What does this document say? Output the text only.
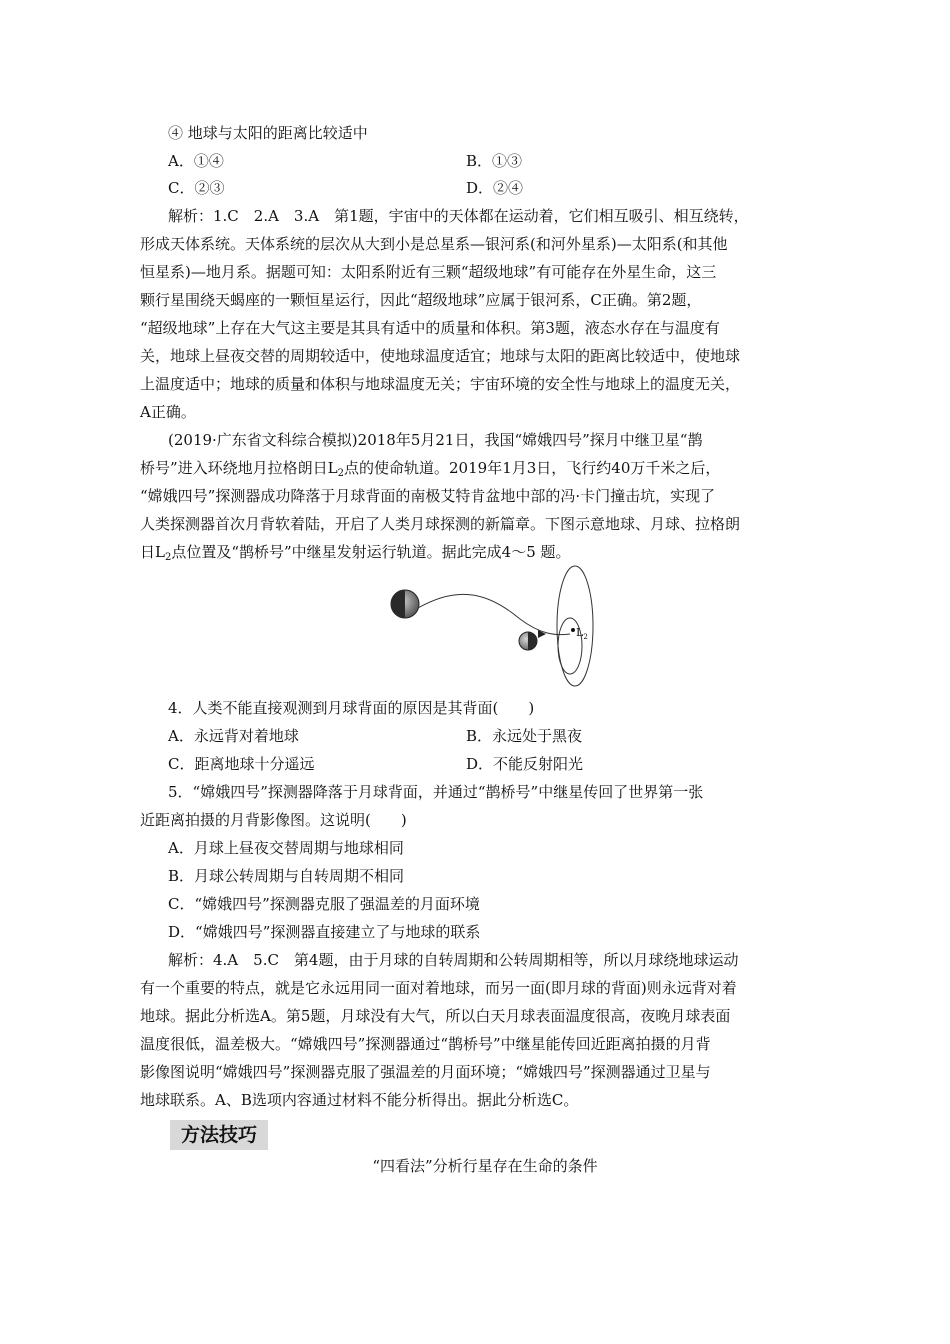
④ 地球与太阳的距离比较适中
A．①④	B．①③
C．②③	D．②④
解析：1.C　2.A　3.A　第1题，宇宙中的天体都在运动着，它们相互吸引、相互绕转，
形成天体系统。天体系统的层次从大到小是总星系—银河系(和河外星系)—太阳系(和其他
恒星系)—地月系。据题可知：太阳系附近有三颗“超级地球”有可能存在外星生命，这三
颗行星围绕天蝎座的一颗恒星运行，因此“超级地球”应属于银河系，C正确。第2题，
“超级地球”上存在大气这主要是其具有适中的质量和体积。第3题，液态水存在与温度有
关，地球上昼夜交替的周期较适中，使地球温度适宜；地球与太阳的距离比较适中，使地球
上温度适中；地球的质量和体积与地球温度无关；宇宙环境的安全性与地球上的温度无关，
A正确。
(2019·广东省文科综合模拟)2018年5月21日，我国“嫦娥四号”探月中继卫星“鹊
桥号”进入环绕地月拉格朗日$L_2$点的使命轨道。2019年1月3日，飞行约40万千米之后，
“嫦娥四号”探测器成功降落于月球背面的南极艾特肯盆地中部的冯·卡门撞击坑，实现了
人类探测器首次月背软着陆，开启了人类月球探测的新篇章。下图示意地球、月球、拉格朗
日$L_2$点位置及“鹊桥号”中继星发射运行轨道。据此完成4～5 题。
$L_2$
4．人类不能直接观测到月球背面的原因是其背面(　　)
A．永远背对着地球	B．永远处于黑夜
C．距离地球十分遥远	D．不能反射阳光
5．“嫦娥四号”探测器降落于月球背面，并通过“鹊桥号”中继星传回了世界第一张
近距离拍摄的月背影像图。这说明(　　)
A．月球上昼夜交替周期与地球相同
B．月球公转周期与自转周期不相同
C．“嫦娥四号”探测器克服了强温差的月面环境
D．“嫦娥四号”探测器直接建立了与地球的联系
解析：4.A　5.C　第4题，由于月球的自转周期和公转周期相等，所以月球绕地球运动
有一个重要的特点，就是它永远用同一面对着地球，而另一面(即月球的背面)则永远背对着
地球。据此分析选A。第5题，月球没有大气，所以白天月球表面温度很高，夜晚月球表面
温度很低，温差极大。“嫦娥四号”探测器通过“鹊桥号”中继星能传回近距离拍摄的月背
影像图说明“嫦娥四号”探测器克服了强温差的月面环境；“嫦娥四号”探测器通过卫星与
地球联系。A、B选项内容通过材料不能分析得出。据此分析选C。
方法技巧
“四看法”分析行星存在生命的条件
